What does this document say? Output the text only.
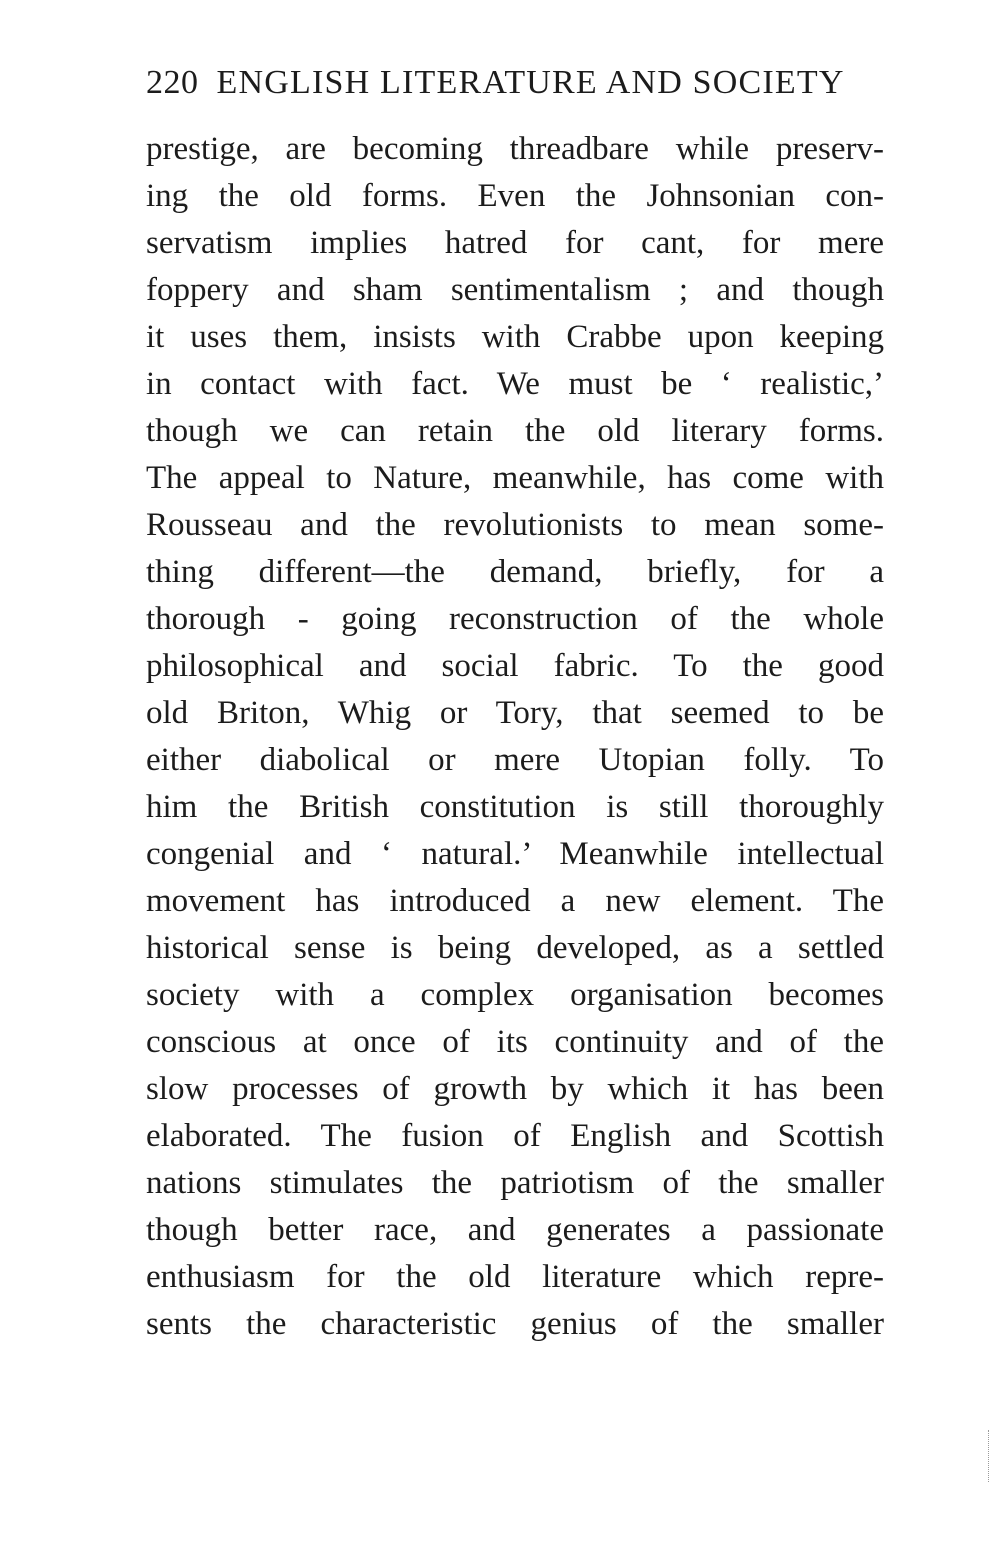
220 ENGLISH LITERATURE AND SOCIETY
prestige, are becoming threadbare while preserv-
ing the old forms. Even the Johnsonian con-
servatism implies hatred for cant, for mere
foppery and sham sentimentalism ; and though
it uses them, insists with Crabbe upon keeping
in contact with fact. We must be ‘ realistic,’
though we can retain the old literary forms.
The appeal to Nature, meanwhile, has come with
Rousseau and the revolutionists to mean some-
thing different—the demand, briefly, for a
thorough - going reconstruction of the whole
philosophical and social fabric. To the good
old Briton, Whig or Tory, that seemed to be
either diabolical or mere Utopian folly. To
him the British constitution is still thoroughly
congenial and ‘ natural.’ Meanwhile intellectual
movement has introduced a new element. The
historical sense is being developed, as a settled
society with a complex organisation becomes
conscious at once of its continuity and of the
slow processes of growth by which it has been
elaborated. The fusion of English and Scottish
nations stimulates the patriotism of the smaller
though better race, and generates a passionate
enthusiasm for the old literature which repre-
sents the characteristic genius of the smaller
